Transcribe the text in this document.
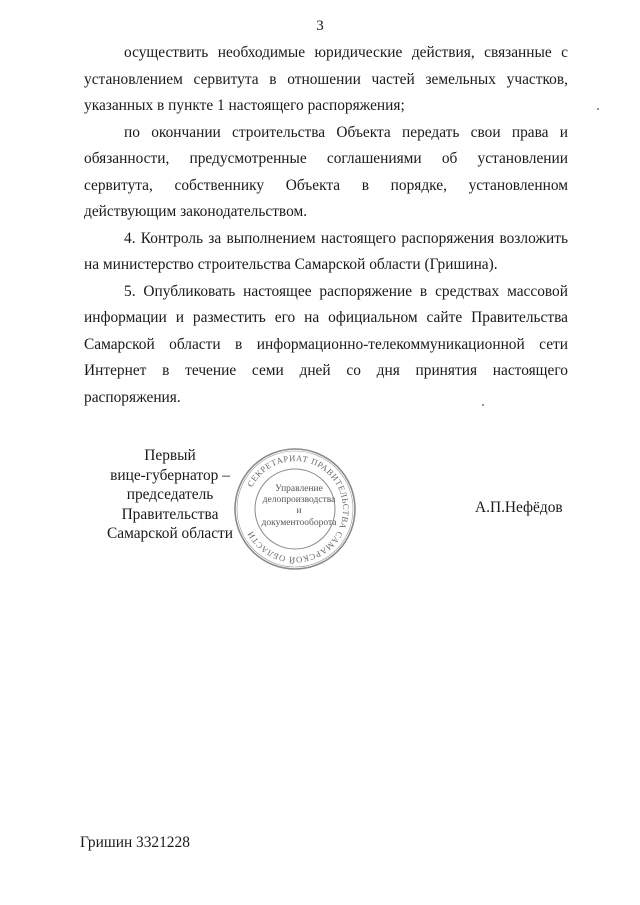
3

осуществить необходимые юридические действия, связанные с установлением сервитута в отношении частей земельных участков, указанных в пункте 1 настоящего распоряжения;

по окончании строительства Объекта передать свои права и обязанности, предусмотренные соглашениями об установлении сервитута, собственнику Объекта в порядке, установленном действующим законодательством.

4. Контроль за выполнением настоящего распоряжения возложить на министерство строительства Самарской области (Гришина).

5. Опубликовать настоящее распоряжение в средствах массовой информации и разместить его на официальном сайте Правительства Самарской области в информационно-телекоммуникационной сети Интернет в течение семи дней со дня принятия настоящего распоряжения.

СЕКРЕТАРИАТ ПРАВИТЕЛЬСТВА САМАРСКОЙ ОБЛАСТИ
Управление
делопроизводства
и документооборота
Первый
вице-губернатор –
председатель Правительства
Самарской области
А.П.Нефёдов
Гришин 3321228
